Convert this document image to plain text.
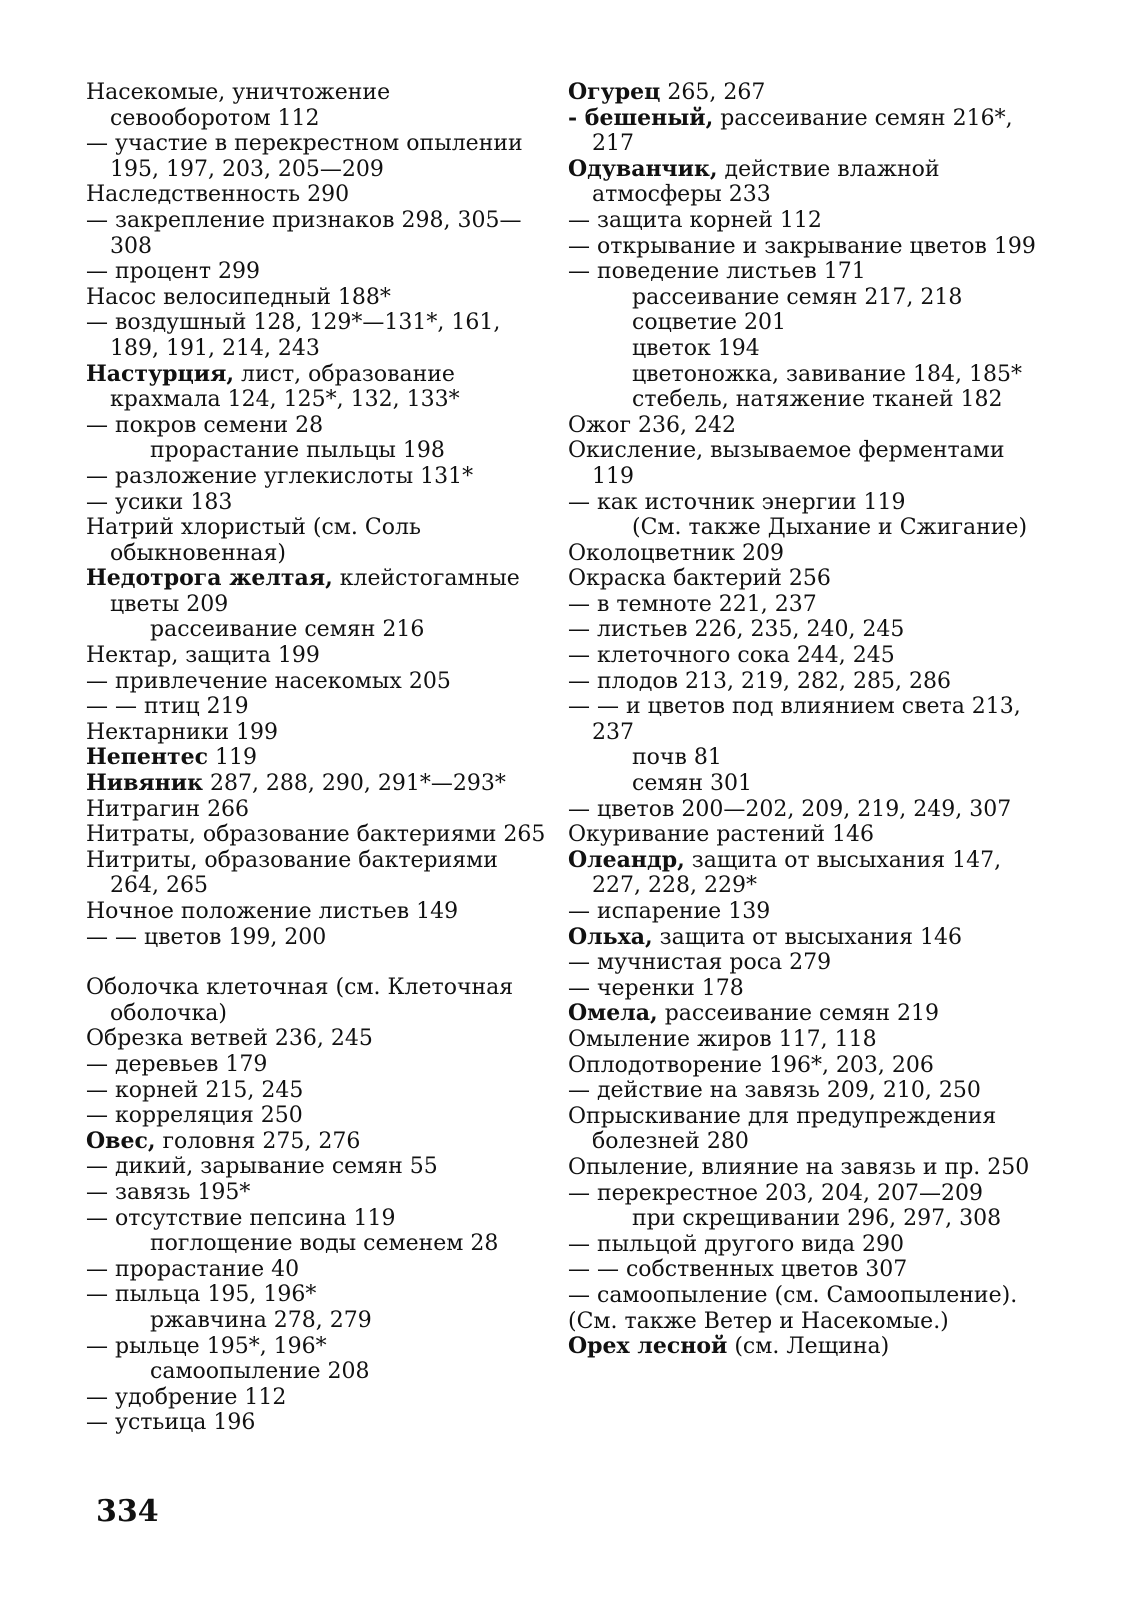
Насекомые, уничтожение севооборотом 112

— участие в перекрестном опылении 195, 197, 203, 205—209

Наследственность 290

— закрепление признаков 298, 305—308

— процент 299

Насос велосипедный 188*

— воздушный 128, 129*—131*, 161, 189, 191, 214, 243

Настурция, лист, образование крахмала 124, 125*, 132, 133*

— покров семени 28

прорастание пыльцы 198

— разложение углекислоты 131*

— усики 183

Натрий хлористый (см. Соль обыкновенная)

Недотрога желтая, клейстогамные цветы 209

рассеивание семян 216

Нектар, защита 199

— привлечение насекомых 205

— — птиц 219

Нектарники 199

Непентес 119

Нивяник 287, 288, 290, 291*—293*

Нитрагин 266

Нитраты, образование бактериями 265

Нитриты, образование бактериями 264, 265

Ночное положение листьев 149

— — цветов 199, 200

Оболочка клеточная (см. Клеточная оболочка)

Обрезка ветвей 236, 245

— деревьев 179

— корней 215, 245

— корреляция 250

Овес, головня 275, 276

— дикий, зарывание семян 55

— завязь 195*

— отсутствие пепсина 119

поглощение воды семенем 28

— прорастание 40

— пыльца 195, 196*

ржавчина 278, 279

— рыльце 195*, 196*

самоопыление 208

— удобрение 112

— устьица 196

Огурец 265, 267

- бешеный, рассеивание семян 216*, 217

Одуванчик, действие влажной атмосферы 233

— защита корней 112

— открывание и закрывание цветов 199

— поведение листьев 171

рассеивание семян 217, 218

соцветие 201

цветок 194

цветоножка, завивание 184, 185*

стебель, натяжение тканей 182

Ожог 236, 242

Окисление, вызываемое ферментами 119

— как источник энергии 119

(См. также Дыхание и Сжигание)

Околоцветник 209

Окраска бактерий 256

— в темноте 221, 237

— листьев 226, 235, 240, 245

— клеточного сока 244, 245

— плодов 213, 219, 282, 285, 286

— — и цветов под влиянием света 213, 237

почв 81

семян 301

— цветов 200—202, 209, 219, 249, 307

Окуривание растений 146

Олеандр, защита от высыхания 147, 227, 228, 229*

— испарение 139

Ольха, защита от высыхания 146

— мучнистая роса 279

— черенки 178

Омела, рассеивание семян 219

Омыление жиров 117, 118

Оплодотворение 196*, 203, 206

— действие на завязь 209, 210, 250

Опрыскивание для предупреждения болезней 280

Опыление, влияние на завязь и пр. 250

— перекрестное 203, 204, 207—209

при скрещивании 296, 297, 308

— пыльцой другого вида 290

— — собственных цветов 307

— самоопыление (см. Самоопыление).

(См. также Ветер и Насекомые.)

Орех лесной (см. Лещина)

334
